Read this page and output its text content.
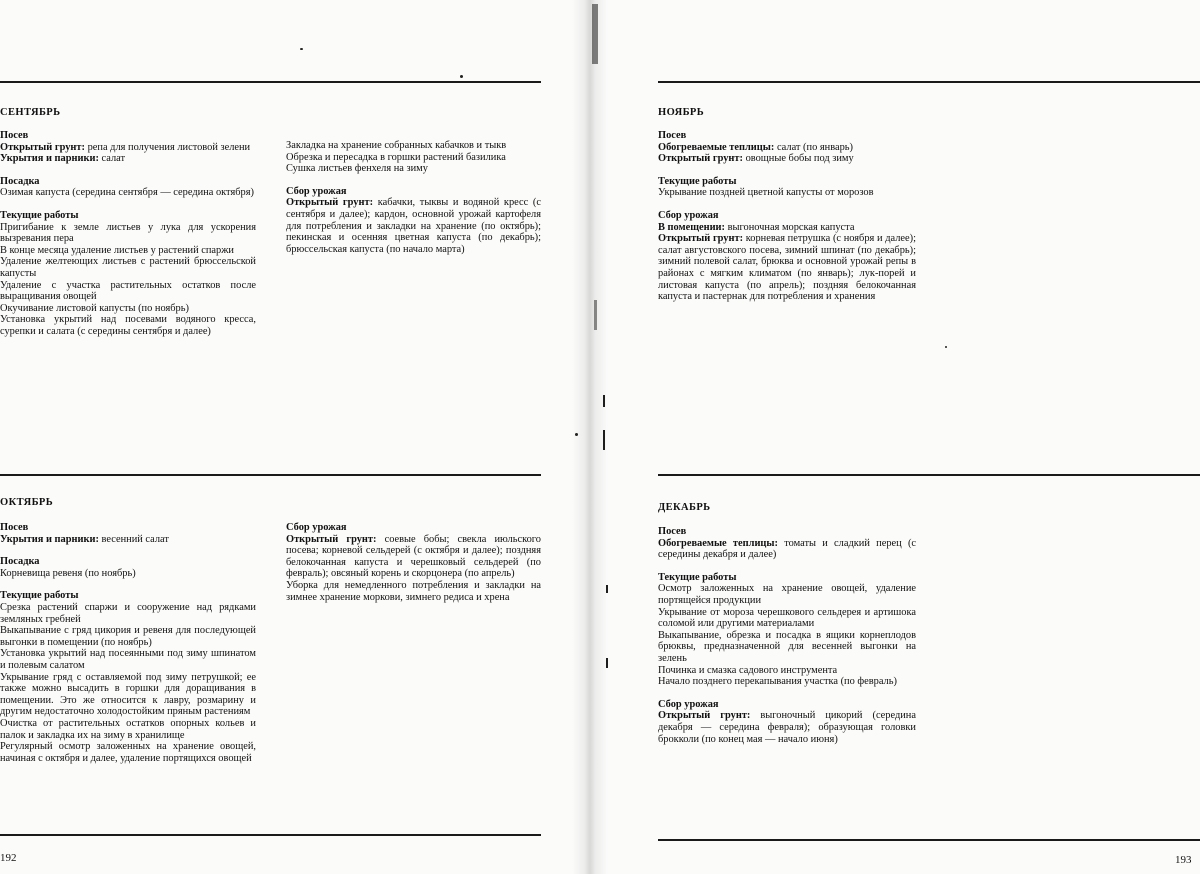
СЕНТЯБРЬ
Посев
Открытый грунт: репа для получения листовой зелени
Укрытия и парники: салат
Посадка
Озимая капуста (середина сентября — середина октября)
Текущие работы
Пригибание к земле листьев у лука для ускорения вызревания пера
В конце месяца удаление листьев у растений спаржи
Удаление желтеющих листьев с растений брюссельской капусты
Удаление с участка растительных остатков после выращивания овощей
Окучивание листовой капусты (по ноябрь)
Установка укрытий над посевами водяного кресса, сурепки и салата (с середины сентября и далее)
Закладка на хранение собранных кабачков и тыкв
Обрезка и пересадка в горшки растений базилика
Сушка листьев фенхеля на зиму
Сбор урожая
Открытый грунт: кабачки, тыквы и водяной кресс (с сентября и далее); кардон, основной урожай картофеля для потребления и закладки на хранение (по октябрь); пекинская и осенняя цветная капуста (по декабрь); брюссельская капуста (по начало марта)
ОКТЯБРЬ
Посев
Укрытия и парники: весенний салат
Посадка
Корневища ревеня (по ноябрь)
Текущие работы
Срезка растений спаржи и сооружение над рядками земляных гребней
Выкапывание с гряд цикория и ревеня для последующей выгонки в помещении (по ноябрь)
Установка укрытий над посеянными под зиму шпинатом и полевым салатом
Укрывание гряд с оставляемой под зиму петрушкой; ее также можно высадить в горшки для доращивания в помещении. Это же относится к лавру, розмарину и другим недостаточно холодостойким пряным растениям
Очистка от растительных остатков опорных кольев и палок и закладка их на зиму в хранилище
Регулярный осмотр заложенных на хранение овощей, начиная с октября и далее, удаление портящихся овощей
Сбор урожая
Открытый грунт: соевые бобы; свекла июльского посева; корневой сельдерей (с октября и далее); поздняя белокочанная капуста и черешковый сельдерей (по февраль); овсяный корень и скорцонера (по апрель)
Уборка для немедленного потребления и закладки на зимнее хранение моркови, зимнего редиса и хрена
192
НОЯБРЬ
Посев
Обогреваемые теплицы: салат (по январь)
Открытый грунт: овощные бобы под зиму
Текущие работы
Укрывание поздней цветной капусты от морозов
Сбор урожая
В помещении: выгоночная морская капуста
Открытый грунт: корневая петрушка (с ноября и далее); салат августовского посева, зимний шпинат (по декабрь); зимний полевой салат, брюква и основной урожай репы в районах с мягким климатом (по январь); лук-порей и листовая капуста (по апрель); поздняя белокочанная капуста и пастернак для потребления и хранения
ДЕКАБРЬ
Посев
Обогреваемые теплицы: томаты и сладкий перец (с середины декабря и далее)
Текущие работы
Осмотр заложенных на хранение овощей, удаление портящейся продукции
Укрывание от мороза черешкового сельдерея и артишока соломой или другими материалами
Выкапывание, обрезка и посадка в ящики корнеплодов брюквы, предназначенной для весенней выгонки на зелень
Починка и смазка садового инструмента
Начало позднего перекапывания участка (по февраль)
Сбор урожая
Открытый грунт: выгоночный цикорий (середина декабря — середина февраля); образующая головки брокколи (по конец мая — начало июня)
193
